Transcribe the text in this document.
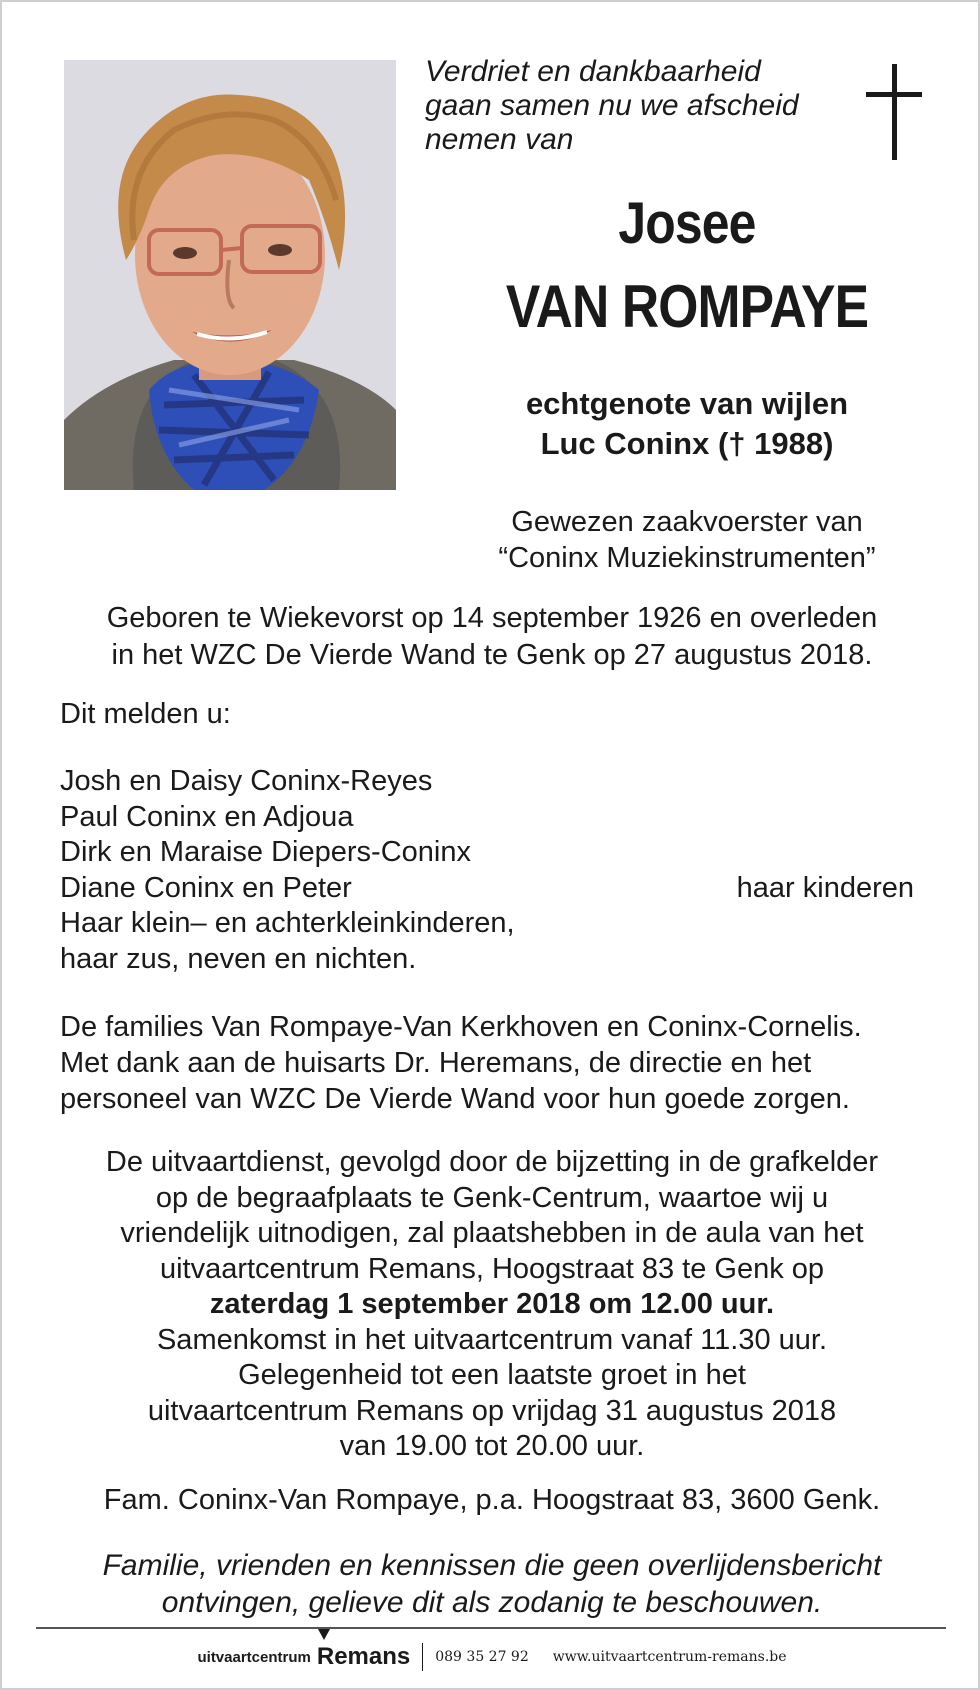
Verdriet en dankbaarheid
gaan samen nu we afscheid
nemen van
Josee
VAN ROMPAYE
echtgenote van wijlen
Luc Coninx († 1988)
Gewezen zaakvoerster van
“Coninx Muziekinstrumenten”
Geboren te Wiekevorst op 14 september 1926 en overleden
in het WZC De Vierde Wand te Genk op 27 augustus 2018.
Dit melden u:
Josh en Daisy Coninx-Reyes
Paul Coninx en Adjoua
Dirk en Maraise Diepers-Coninx
Diane Coninx en Peter	haar kinderen
Haar klein– en achterkleinkinderen,
haar zus, neven en nichten.
De families Van Rompaye-Van Kerkhoven en Coninx-Cornelis.
Met dank aan de huisarts Dr. Heremans, de directie en het
personeel van WZC De Vierde Wand voor hun goede zorgen.
De uitvaartdienst, gevolgd door de bijzetting in de grafkelder
op de begraafplaats te Genk-Centrum, waartoe wij u
vriendelijk uitnodigen, zal plaatshebben in de aula van het
uitvaartcentrum Remans, Hoogstraat 83 te Genk op
zaterdag 1 september 2018 om 12.00 uur.
Samenkomst in het uitvaartcentrum vanaf 11.30 uur.
Gelegenheid tot een laatste groet in het
uitvaartcentrum Remans op vrijdag 31 augustus 2018
van 19.00 tot 20.00 uur.
Fam. Coninx-Van Rompaye, p.a. Hoogstraat 83, 3600 Genk.
Familie, vrienden en kennissen die geen overlijdensbericht
ontvingen, gelieve dit als zodanig te beschouwen.
uitvaartcentrum Remans 089 35 27 92 www.uitvaartcentrum-remans.be
